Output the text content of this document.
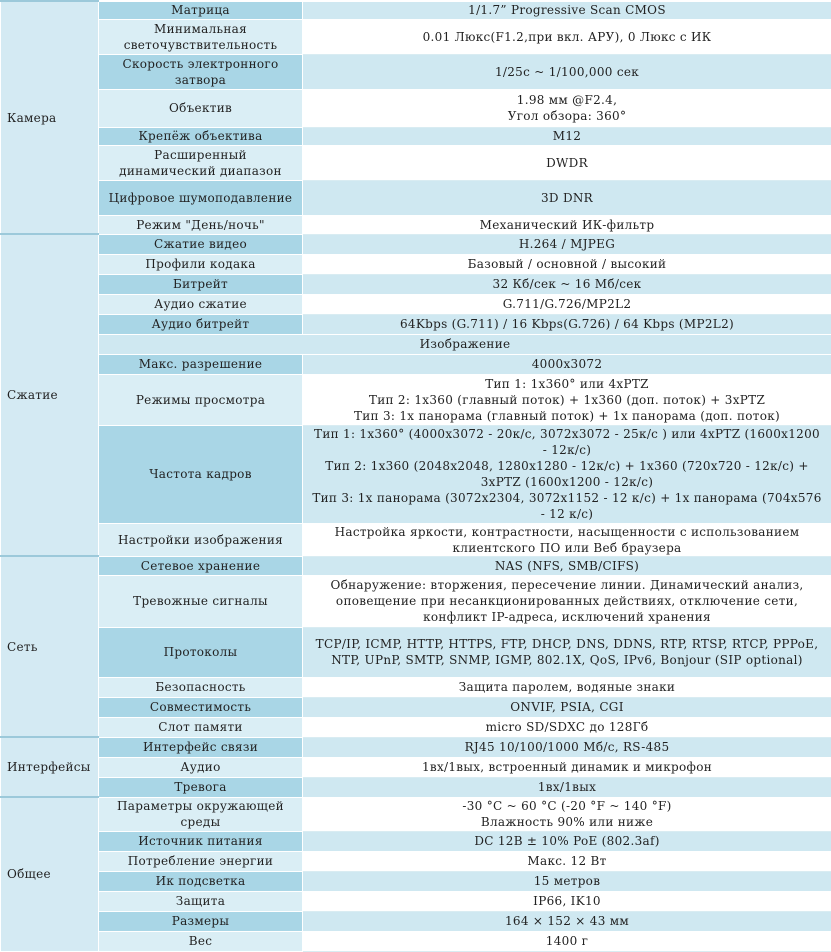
Камера	Матрица	1/1.7” Progressive Scan CMOS
	Минимальная светочувствительность	0.01 Люкс(F1.2,при вкл. АРУ), 0 Люкс с ИК
	Скорость электронного затвора	1/25с ~ 1/100,000 сек
	Объектив	1.98 мм @F2.4,
Угол обзора: 360°
	Крепёж объектива	M12
	Расширенный динамический диапазон	DWDR
	Цифровое шумоподавление	3D DNR
	Режим "День/ночь"	Механический ИК-фильтр
Сжатие	Сжатие видео	H.264 / MJPEG
	Профили кодака	Базовый / основной / высокий
	Битрейт	32 Кб/сек ~ 16 Мб/сек
	Аудио сжатие	G.711/G.726/MP2L2
	Аудио битрейт	64Kbps (G.711) / 16 Kbps(G.726) / 64 Kbps (MP2L2)
	Изображение	
	Макс. разрешение	4000x3072
	Режимы просмотра	Тип 1: 1x360° или 4xPTZ
Тип 2: 1x360 (главный поток) + 1x360 (доп. поток) + 3xPTZ
Тип 3: 1x панорама (главный поток) + 1x панорама (доп. поток)
	Частота кадров	Тип 1: 1x360° (4000x3072 - 20к/с, 3072x3072 - 25к/с ) или 4xPTZ (1600x1200 - 12к/с)
Тип 2: 1x360 (2048x2048, 1280x1280 - 12к/с) + 1x360 (720x720 - 12к/с) + 3xPTZ (1600x1200 - 12к/с)
Тип 3: 1x панорама (3072x2304, 3072x1152 - 12 к/с) + 1x панорама (704x576 - 12 к/с)
	Настройки изображения	Настройка яркости, контрастности, насыщенности с использованием клиентского ПО или Веб браузера
Сеть	Сетевое хранение	NAS (NFS, SMB/CIFS)
	Тревожные сигналы	Обнаружение: вторжения, пересечение линии. Динамический анализ, оповещение при несанкционированных действиях, отключение сети, конфликт IP-адреса, исключений хранения
	Протоколы	TCP/IP, ICMP, HTTP, HTTPS, FTP, DHCP, DNS, DDNS, RTP, RTSP, RTCP, PPPoE, NTP, UPnP, SMTP, SNMP, IGMP, 802.1X, QoS, IPv6, Bonjour (SIP optional)
	Безопасность	Защита паролем, водяные знаки
	Совместимость	ONVIF, PSIA, CGI
	Слот памяти	micro SD/SDXC до 128Гб
Интерфейсы	Интерфейс связи	RJ45 10/100/1000 Мб/с, RS-485
	Аудио	1вх/1вых, встроенный динамик и микрофон
	Тревога	1вх/1вых
Общее	Параметры окружающей среды	-30 °C ~ 60 °C (-20 °F ~ 140 °F)
Влажность 90% или ниже
	Источник питания	DC 12В ± 10% PoE (802.3af)
	Потребление энергии	Макс. 12 Вт
	Ик подсветка	15 метров
	Защита	IP66, IK10
	Размеры	164 × 152 × 43 мм
	Вес	1400 г
